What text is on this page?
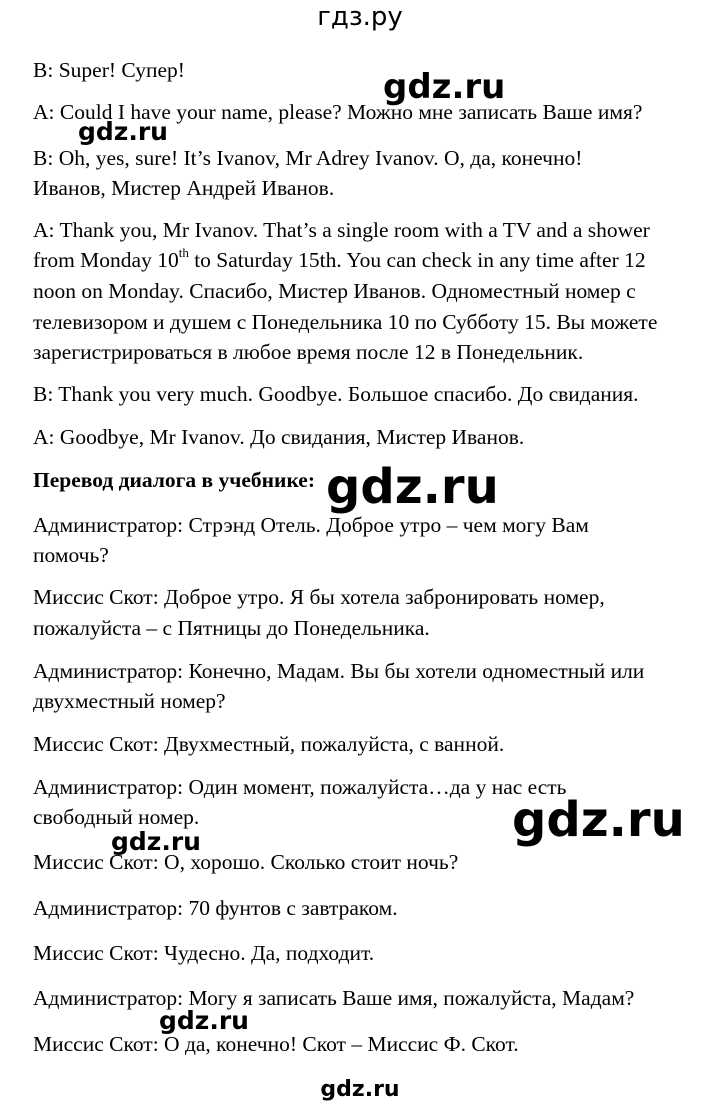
гдз.ру

B: Super! Супер!

A: Could I have your name, please? Можно мне записать Ваше имя?

B: Oh, yes, sure! It’s Ivanov, Mr Adrey Ivanov. О, да, конечно!

Иванов, Мистер Андрей Иванов.

A: Thank you, Mr Ivanov. That’s a single room with a TV and a shower

from Monday 10th to Saturday 15th. You can check in any time after 12

noon on Monday. Спасибо, Мистер Иванов. Одноместный номер с

телевизором и душем с Понедельника 10 по Субботу 15. Вы можете

зарегистрироваться в любое время после 12 в Понедельник.

B: Thank you very much. Goodbye. Большое спасибо. До свидания.

A: Goodbye, Mr Ivanov. До свидания, Мистер Иванов.

Перевод диалога в учебнике:

Администратор: Стрэнд Отель. Доброе утро – чем могу Вам

помочь?

Миссис Скот: Доброе утро. Я бы хотела забронировать номер,

пожалуйста – с Пятницы до Понедельника.

Администратор: Конечно, Мадам. Вы бы хотели одноместный или

двухместный номер?

Миссис Скот: Двухместный, пожалуйста, с ванной.

Администратор: Один момент, пожалуйста…да у нас есть

свободный номер.

Миссис Скот: О, хорошо. Сколько стоит ночь?

Администратор: 70 фунтов с завтраком.

Миссис Скот: Чудесно. Да, подходит.

Администратор: Могу я записать Ваше имя, пожалуйста, Мадам?

Миссис Скот: О да, конечно! Скот – Миссис Ф. Скот.

gdz.ru
gdz.ru
gdz.ru
gdz.ru
gdz.ru
gdz.ru
gdz.ru
